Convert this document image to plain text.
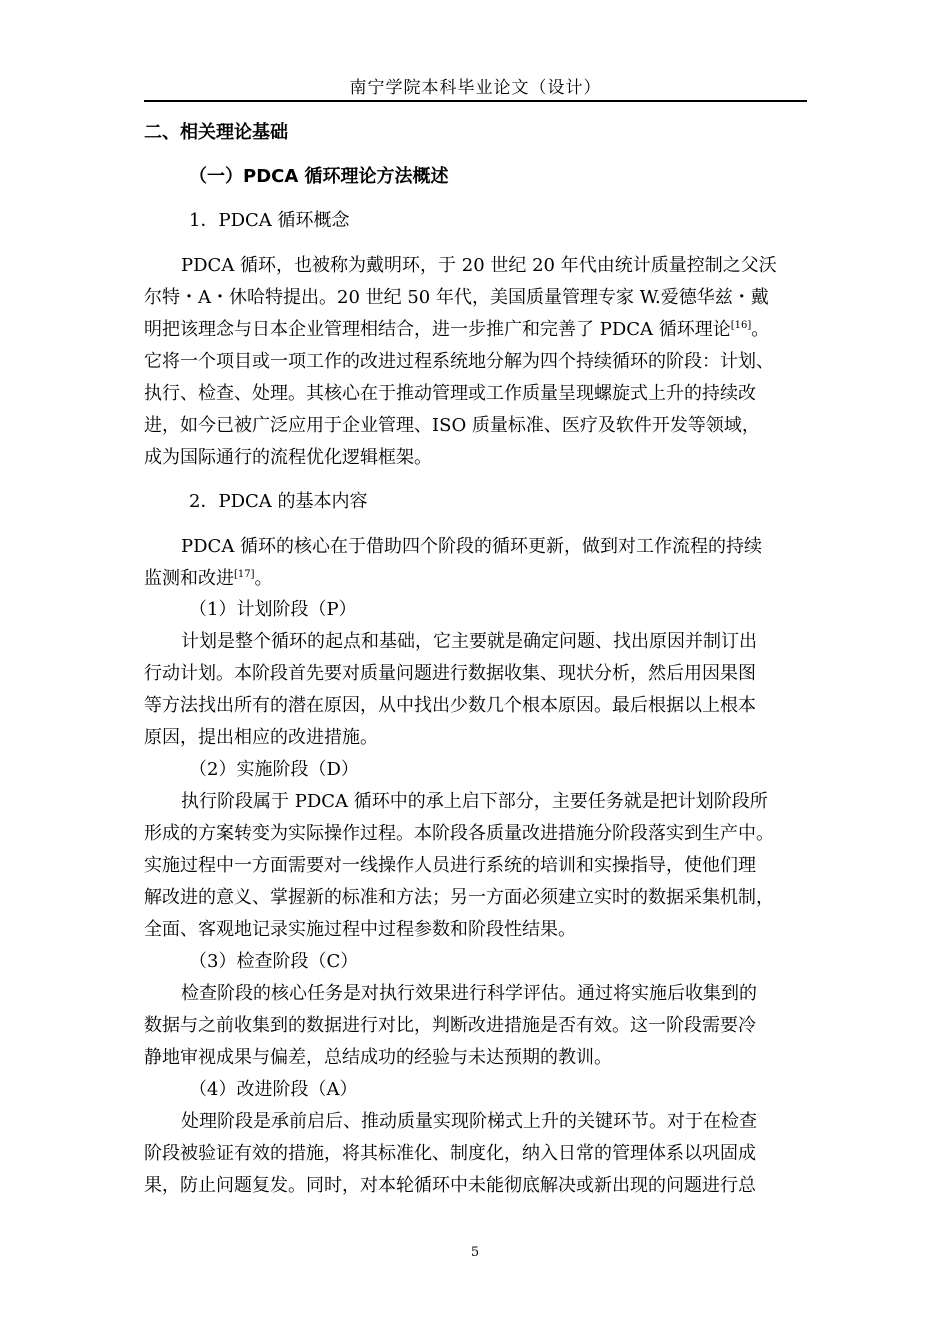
南宁学院本科毕业论文（设计）
二、相关理论基础
（一）PDCA 循环理论方法概述
1．PDCA 循环概念
PDCA 循环，也被称为戴明环，于 20 世纪 20 年代由统计质量控制之父沃
尔特・A・休哈特提出。20 世纪 50 年代，美国质量管理专家 W.爱德华兹・戴
明把该理念与日本企业管理相结合，进一步推广和完善了 PDCA 循环理论[16]。
它将一个项目或一项工作的改进过程系统地分解为四个持续循环的阶段：计划、
执行、检查、处理。其核心在于推动管理或工作质量呈现螺旋式上升的持续改
进，如今已被广泛应用于企业管理、ISO 质量标准、医疗及软件开发等领域，
成为国际通行的流程优化逻辑框架。
2．PDCA 的基本内容
PDCA 循环的核心在于借助四个阶段的循环更新，做到对工作流程的持续
监测和改进[17]。
（1）计划阶段（P）
计划是整个循环的起点和基础，它主要就是确定问题、找出原因并制订出
行动计划。本阶段首先要对质量问题进行数据收集、现状分析，然后用因果图
等方法找出所有的潜在原因，从中找出少数几个根本原因。最后根据以上根本
原因，提出相应的改进措施。
（2）实施阶段（D）
执行阶段属于 PDCA 循环中的承上启下部分，主要任务就是把计划阶段所
形成的方案转变为实际操作过程。本阶段各质量改进措施分阶段落实到生产中。
实施过程中一方面需要对一线操作人员进行系统的培训和实操指导，使他们理
解改进的意义、掌握新的标准和方法；另一方面必须建立实时的数据采集机制，
全面、客观地记录实施过程中过程参数和阶段性结果。
（3）检查阶段（C）
检查阶段的核心任务是对执行效果进行科学评估。通过将实施后收集到的
数据与之前收集到的数据进行对比，判断改进措施是否有效。这一阶段需要冷
静地审视成果与偏差，总结成功的经验与未达预期的教训。
（4）改进阶段（A）
处理阶段是承前启后、推动质量实现阶梯式上升的关键环节。对于在检查
阶段被验证有效的措施，将其标准化、制度化，纳入日常的管理体系以巩固成
果，防止问题复发。同时，对本轮循环中未能彻底解决或新出现的问题进行总
5
